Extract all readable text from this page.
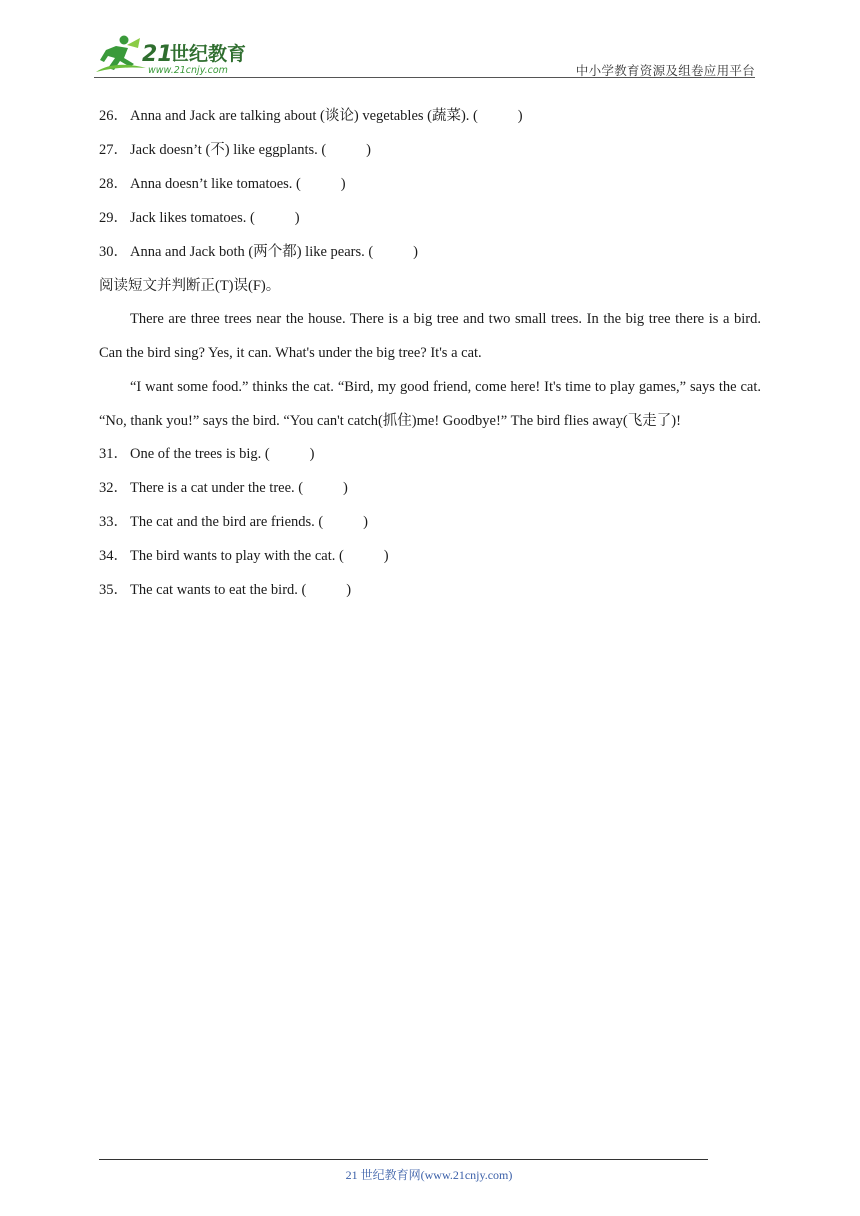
21
世纪教育
www.21cnjy.com	中小学教育资源及组卷应用平台
26． Anna and Jack are talking about (谈论) vegetables (蔬菜). (           )
27． Jack doesn’t (不) like eggplants. (           )
28． Anna doesn’t like tomatoes. (           )
29． Jack likes tomatoes. (           )
30． Anna and Jack both (两个都) like pears. (           )
阅读短文并判断正(T)误(F)。
There are three trees near the house. There is a big tree and two small trees. In the big tree there is a bird. Can the bird sing? Yes, it can. What's under the big tree? It's a cat.
“I want some food.” thinks the cat. “Bird, my good friend, come here! It's time to play games,” says the cat. “No, thank you!” says the bird. “You can't catch(抓住)me! Goodbye!” The bird flies away(飞走了)!
31． One of the trees is big. (           )
32． There is a cat under the tree. (           )
33． The cat and the bird are friends. (           )
34． The bird wants to play with the cat. (           )
35． The cat wants to eat the bird. (           )
21 世纪教育网(www.21cnjy.com)
